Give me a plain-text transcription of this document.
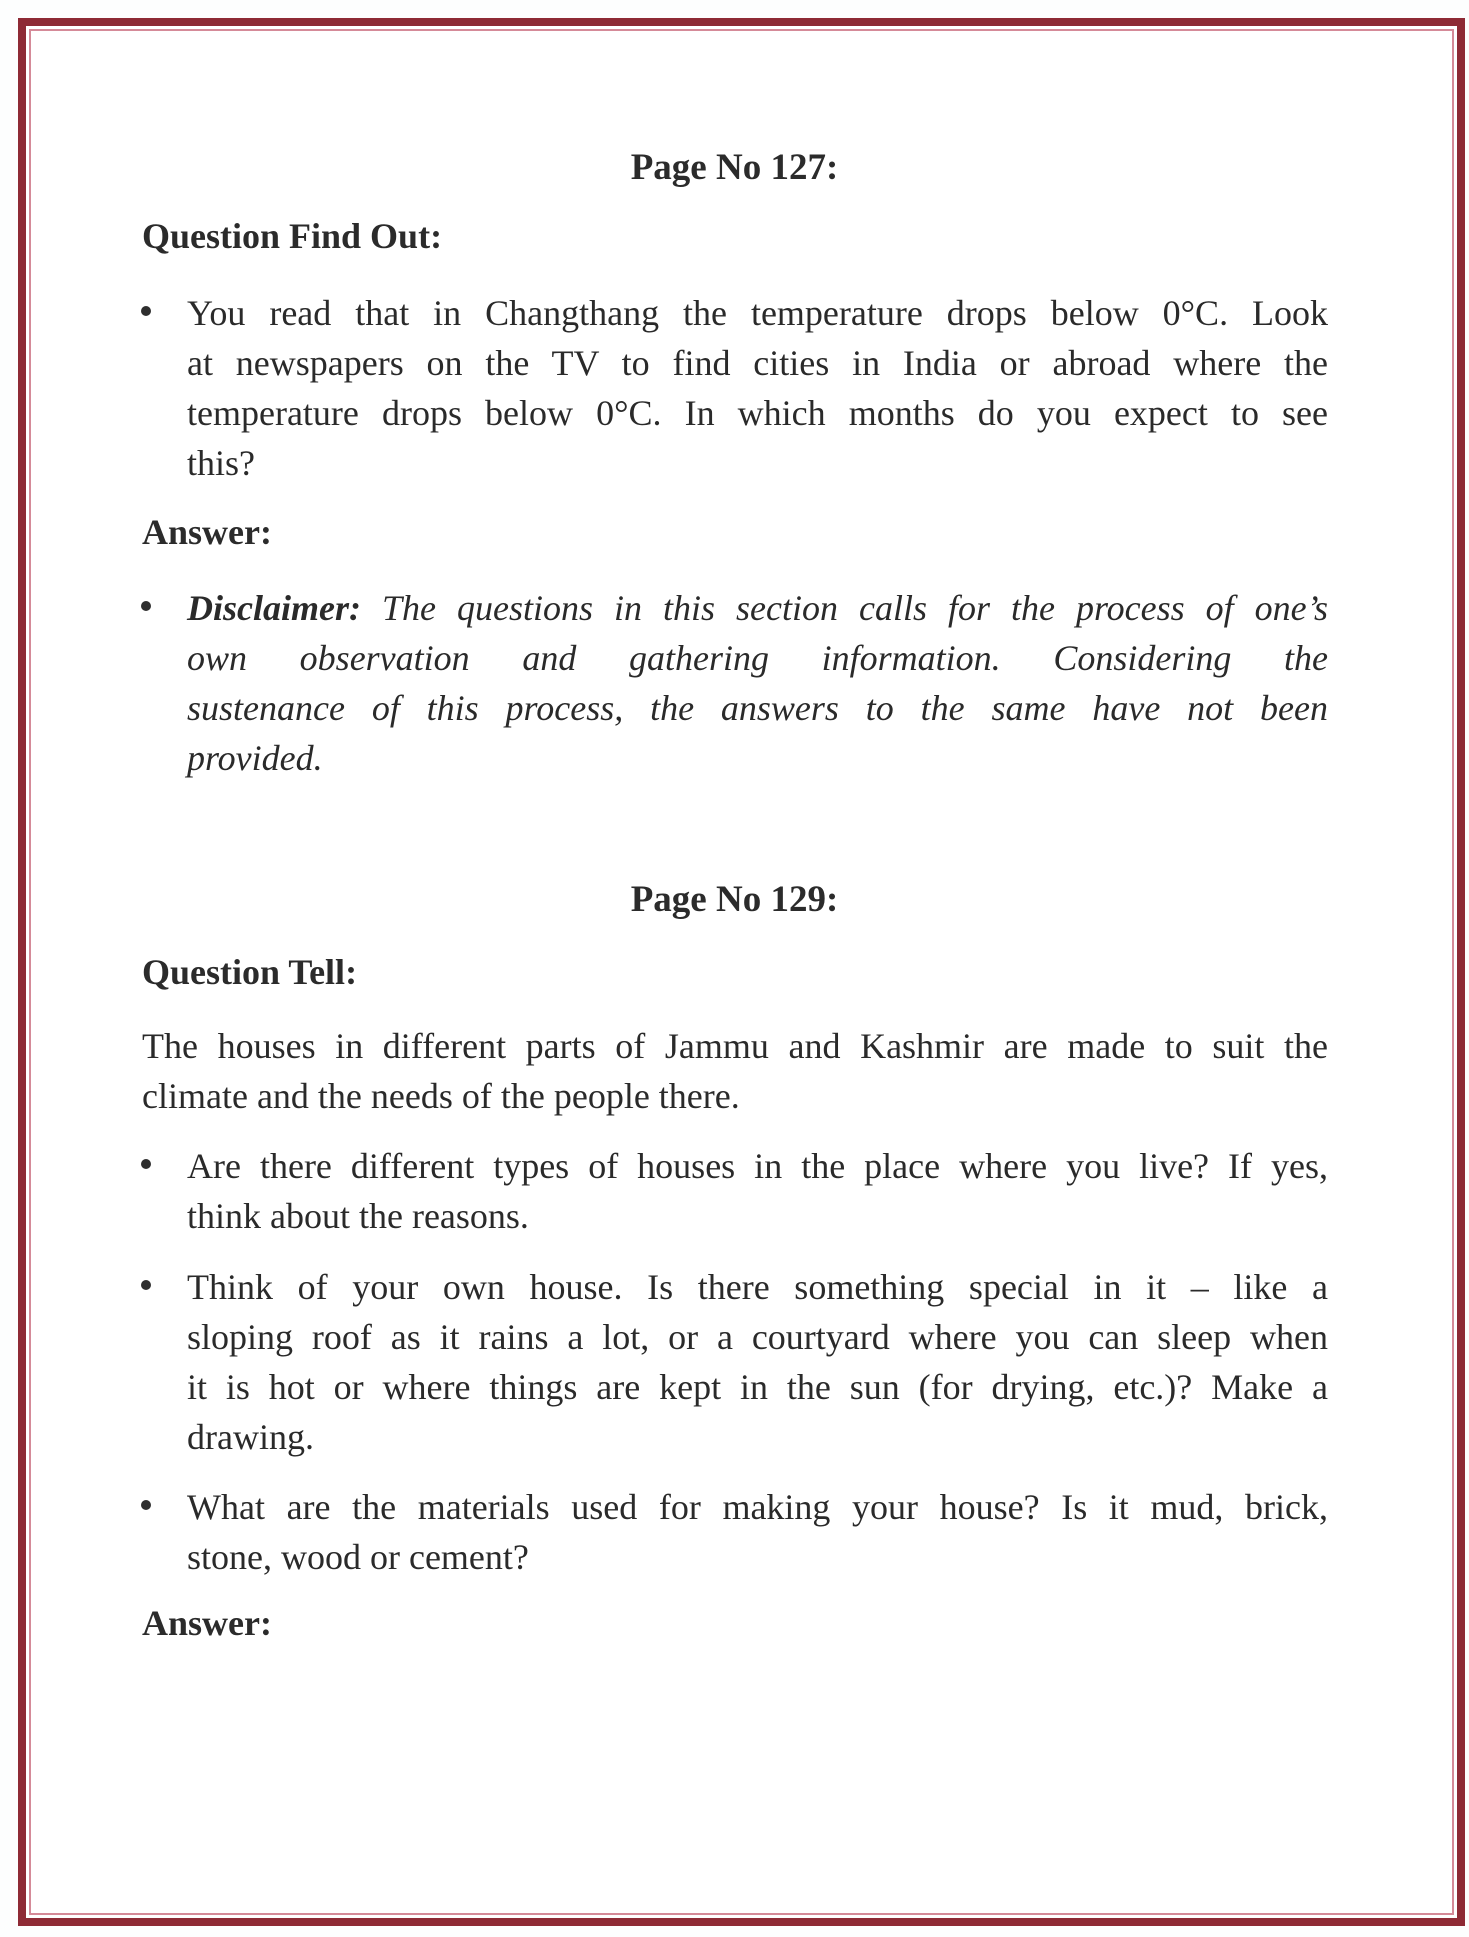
Page No 127:
Question Find Out:
You read that in Changthang the temperature drops below 0°C. Look
at newspapers on the TV to find cities in India or abroad where the
temperature drops below 0°C. In which months do you expect to see
this?
Answer:
Disclaimer: The questions in this section calls for the process of one’s
own observation and gathering information. Considering the
sustenance of this process, the answers to the same have not been
provided.
Page No 129:
Question Tell:
The houses in different parts of Jammu and Kashmir are made to suit the
climate and the needs of the people there.
Are there different types of houses in the place where you live? If yes,
think about the reasons.
Think of your own house. Is there something special in it – like a
sloping roof as it rains a lot, or a courtyard where you can sleep when
it is hot or where things are kept in the sun (for drying, etc.)? Make a
drawing.
What are the materials used for making your house? Is it mud, brick,
stone, wood or cement?
Answer:
